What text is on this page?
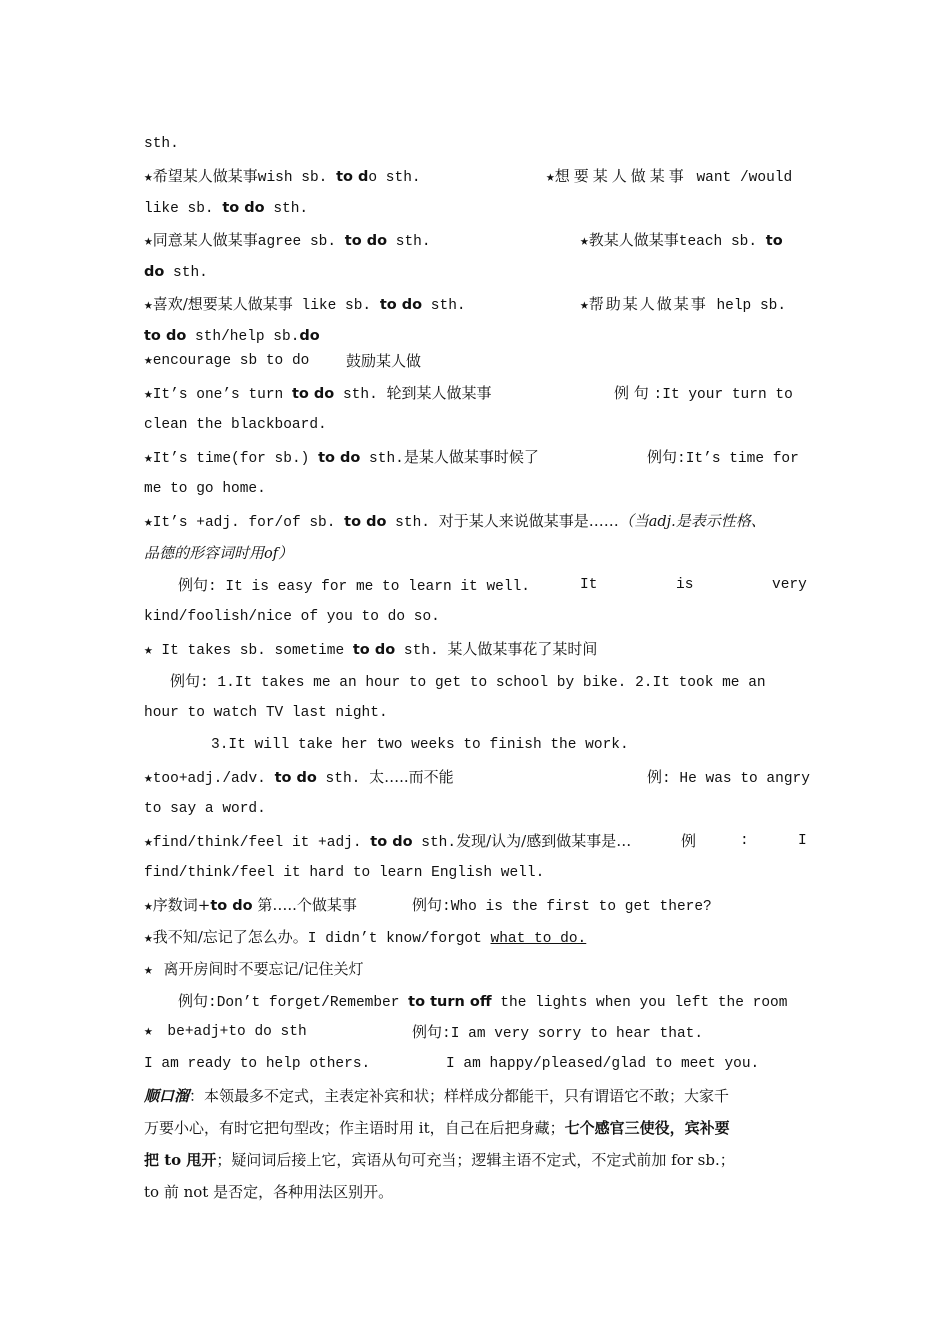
sth.
★希望某人做某事wish sb. to do sth.	★想要某人做某事 want /would
like sb. to do sth.
★同意某人做某事agree sb. to do sth.	★教某人做某事teach sb. to
do sth.
★喜欢/想要某人做某事 like sb. to do sth.	★帮助某人做某事 help sb.
to do sth/help sb.do
★encourage sb to do 鼓励某人做
★It’s one’s turn to do sth. 轮到某人做某事	例 句 :It your turn to
clean the blackboard.
★It’s time(for sb.) to do sth.是某人做某事时候了	例句:It’s time for
me to go home.
★It’s +adj. for/of sb. to do sth. 对于某人来说做某事是……（当adj.是表示性格、
品德的形容词时用of）
例句: It is easy for me to learn it well.	It	is	very
kind/foolish/nice of you to do so.
★ It takes sb. sometime to do sth. 某人做某事花了某时间
例句: 1.It takes me an hour to get to school by bike. 2.It took me an
hour to watch TV last night.
3.It will take her two weeks to finish the work.
★too+adj./adv. to do sth. 太…..而不能	例: He was to angry
to say a word.
★find/think/feel it +adj. to do sth.发现/认为/感到做某事是…	例	:	I
find/think/feel it hard to learn English well.
★序数词+to do 第…..个做某事	例句:Who is the first to get there?
★我不知/忘记了怎么办。I didn’t know/forgot what to do.
★ 离开房间时不要忘记/记住关灯
例句:Don’t forget/Remember to turn off the lights when you left the room
★ be+adj+to do sth	例句:I am very sorry to hear that.
I am ready to help others.	I am happy/pleased/glad to meet you.
顺口溜：本领最多不定式，主表定补宾和状；样样成分都能干，只有谓语它不敢；大家千
万要小心，有时它把句型改；作主语时用 it，自己在后把身藏；七个感官三使役，宾补要
把 to 甩开；疑问词后接上它，宾语从句可充当；逻辑主语不定式，不定式前加 for sb.；
to 前 not 是否定，各种用法区别开。
